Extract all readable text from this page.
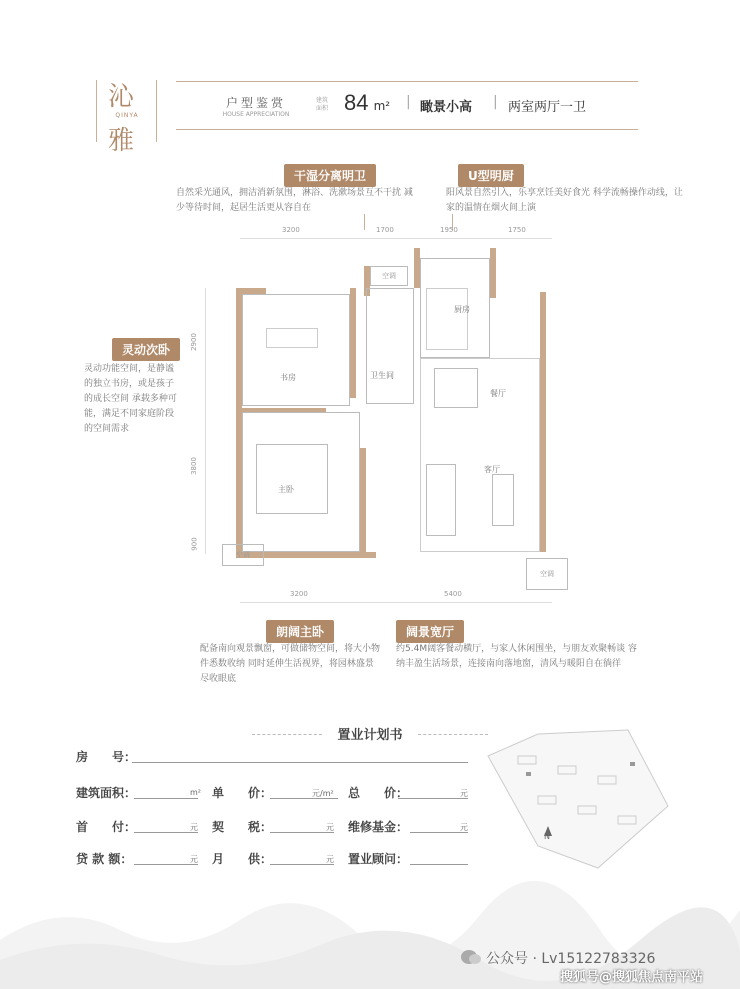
沁
QINYA
雅
户型鉴赏
HOUSE APPRECIATION
建筑
面积 84 m² | 瞰景小高 | 两室两厅一卫
干湿分离明卫
自然采光通风，拥洁消新氛围，淋浴、洗漱场景互不干扰 减少等待时间，起居生活更从容自在
U型明厨
阳风景自然引入，乐享烹饪美好食光 科学流畅操作动线，让家的温情在烟火间上演
灵动次卧
灵动功能空间，是静谧的独立书房，或是孩子的成长空间 承载多种可能，满足不同家庭阶段的空间需求
朗阔主卧
配备南向观景飘窗，可做储物空间，将大小物件悉数收纳 同时延伸生活视界，将园林盛景尽收眼底
阔景宽厅
约5.4M阔客餐动横厅，与家人休闲围坐，与朋友欢聚畅谈 容纳丰盈生活场景，连接南向落地窗，清风与暖阳自在徜徉
3200	1700	1950	1750
2900
3800
900
3200	5400
空调
空调
空调
书房	卫生间
厨房
餐厅
主卧
客厅
置业计划书
房　　号：
建筑面积：	m² 单　　价：	元/m² 总　　价：	元
首　　付：	元 契　　税：	元 维修基金：	元
贷 款 额：	元 月　　供：	元 置业顾问：
N
公众号 · Lv15122783326
搜狐号@搜狐焦点南平站
